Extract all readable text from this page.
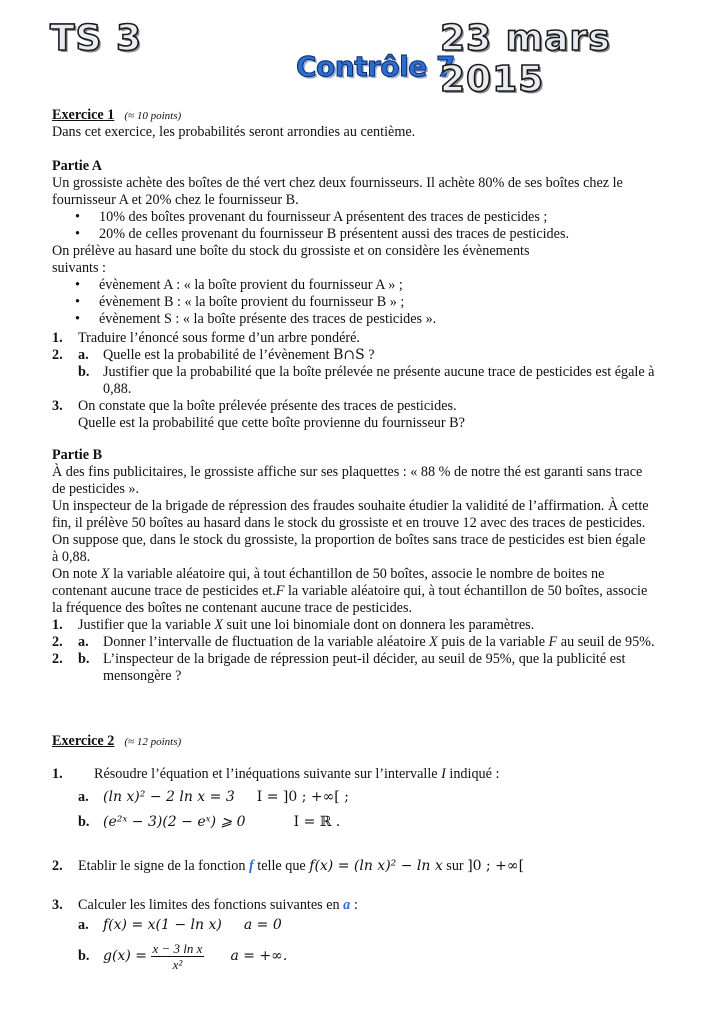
TS 3
Contrôle 7
23 mars 2015
Exercice 1 (≈ 10 points)
Dans cet exercice, les probabilités seront arrondies au centième.
Partie A
Un grossiste achète des boîtes de thé vert chez deux fournisseurs. Il achète 80% de ses boîtes chez le
fournisseur A et 20% chez le fournisseur B.
• 10% des boîtes provenant du fournisseur A présentent des traces de pesticides ;
• 20% de celles provenant du fournisseur B présentent aussi des traces de pesticides.
On prélève au hasard une boîte du stock du grossiste et on considère les évènements
suivants :
• évènement A : « la boîte provient du fournisseur A » ;
• évènement B : « la boîte provient du fournisseur B » ;
• évènement S : « la boîte présente des traces de pesticides ».
1. Traduire l’énoncé sous forme d’un arbre pondéré.
2. a. Quelle est la probabilité de l’évènement B∩S ?
b. Justifier que la probabilité que la boîte prélevée ne présente aucune trace de pesticides est égale à
0,88.
3. On constate que la boîte prélevée présente des traces de pesticides.
Quelle est la probabilité que cette boîte provienne du fournisseur B?
Partie B
À des fins publicitaires, le grossiste affiche sur ses plaquettes : « 88 % de notre thé est garanti sans trace
de pesticides ».
Un inspecteur de la brigade de répression des fraudes souhaite étudier la validité de l’affirmation. À cette
fin, il prélève 50 boîtes au hasard dans le stock du grossiste et en trouve 12 avec des traces de pesticides.
On suppose que, dans le stock du grossiste, la proportion de boîtes sans trace de pesticides est bien égale
à 0,88.
On note X la variable aléatoire qui, à tout échantillon de 50 boîtes, associe le nombre de boites ne
contenant aucune trace de pesticides et.F la variable aléatoire qui, à tout échantillon de 50 boîtes, associe
la fréquence des boîtes ne contenant aucune trace de pesticides.
1. Justifier que la variable X suit une loi binomiale dont on donnera les paramètres.
2. a. Donner l’intervalle de fluctuation de la variable aléatoire X puis de la variable F au seuil de 95%.
2. b. L’inspecteur de la brigade de répression peut-il décider, au seuil de 95%, que la publicité est
mensongère ?
Exercice 2 (≈ 12 points)
1. Résoudre l’équation et l’inéquations suivante sur l’intervalle I indiqué :
a. (ln x)² − 2 ln x = 3 I = ]0 ; +∞[ ;
b. (e²ˣ − 3)(2 − eˣ) ⩾ 0	I = ℝ .
2. Etablir le signe de la fonction f telle que f(x) = (ln x)² − ln x sur ]0 ; +∞[
3. Calculer les limites des fonctions suivantes en a :
a. f(x) = x(1 − ln x) a = 0
b. $g(x) = \frac{\text{x − 3 ln x}}{\text{x²}}$ a = +∞.
